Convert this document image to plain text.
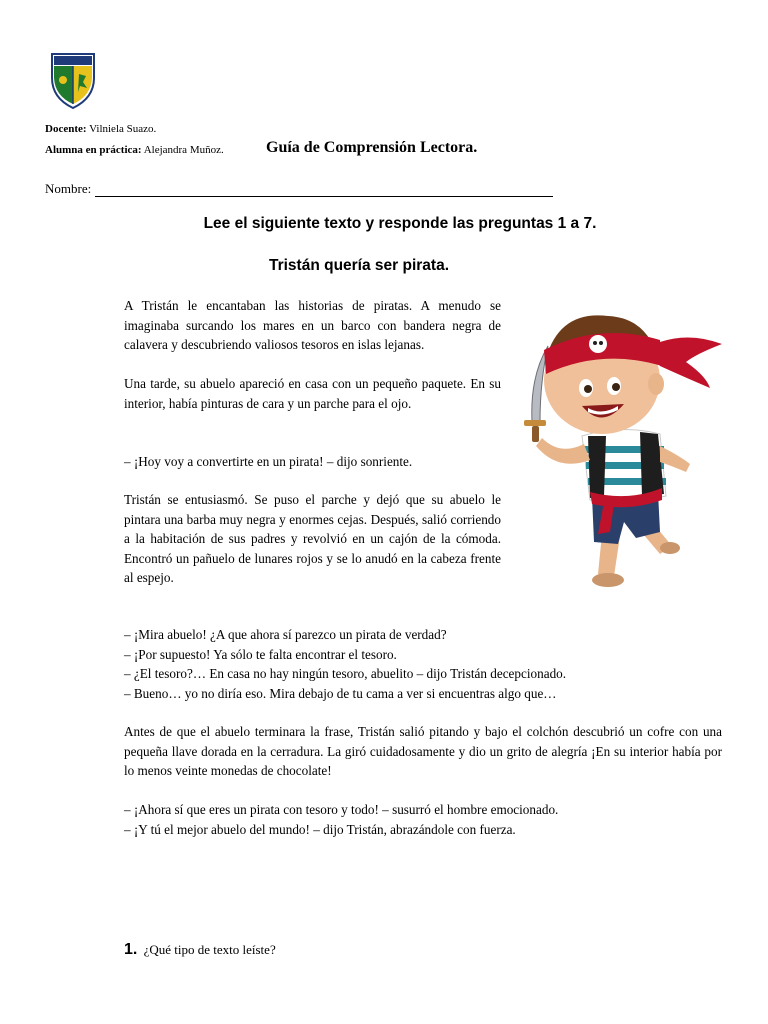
Docente: Vilniela Suazo.
Alumna en práctica: Alejandra Muñoz.	Guía de Comprensión Lectora.
Nombre:
Lee el siguiente texto y responde las preguntas 1 a 7.
Tristán quería ser pirata.
A Tristán le encantaban las historias de piratas. A menudo se imaginaba surcando los mares en un barco con bandera negra de calavera y descubriendo valiosos tesoros en islas lejanas.
Una tarde, su abuelo apareció en casa con un pequeño paquete. En su interior, había pinturas de cara y un parche para el ojo.
– ¡Hoy voy a convertirte en un pirata! – dijo sonriente.
Tristán se entusiasmó. Se puso el parche y dejó que su abuelo le pintara una barba muy negra y enormes cejas. Después, salió corriendo a la habitación de sus padres y revolvió en un cajón de la cómoda. Encontró un pañuelo de lunares rojos y se lo anudó en la cabeza frente al espejo.
– ¡Mira abuelo! ¿A que ahora sí parezco un pirata de verdad?
– ¡Por supuesto! Ya sólo te falta encontrar el tesoro.
– ¿El tesoro?… En casa no hay ningún tesoro, abuelito – dijo Tristán decepcionado.
– Bueno… yo no diría eso. Mira debajo de tu cama a ver si encuentras algo que…
Antes de que el abuelo terminara la frase, Tristán salió pitando y bajo el colchón descubrió un cofre con una pequeña llave dorada en la cerradura. La giró cuidadosamente y dio un grito de alegría ¡En su interior había por lo menos veinte monedas de chocolate!
– ¡Ahora sí que eres un pirata con tesoro y todo! – susurró el hombre emocionado.
– ¡Y tú el mejor abuelo del mundo! – dijo Tristán, abrazándole con fuerza.
1. ¿Qué tipo de texto leíste?
